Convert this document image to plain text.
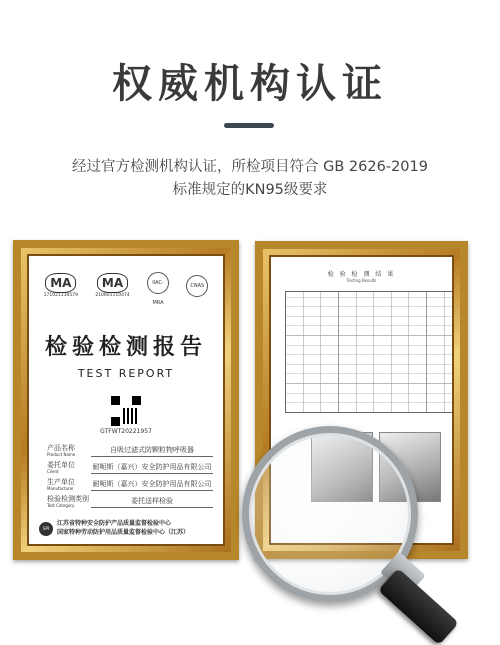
权威机构认证
经过官方检测机构认证，所检项目符合 GB 2626-2019
标准规定的KN95级要求
MA
171021110579
MA
210601110474
IIAC-MRA
CNAS
检验检测报告
TEST REPORT
GTFWT20221957
产品名称
Product Name
自吸过滤式防颗粒物呼吸器
委托单位
Client
耐呃斯（嘉兴）安全防护用品有限公司
生产单位
Manufacturer
耐呃斯（嘉兴）安全防护用品有限公司
检验检测类别
Test Category
委托送样检验
SPI
江苏省特种安全防护产品质量监督检验中心
国家特种劳动防护用品质量监督检验中心（江苏）
检 验 检 测 结 果
Testing Results
